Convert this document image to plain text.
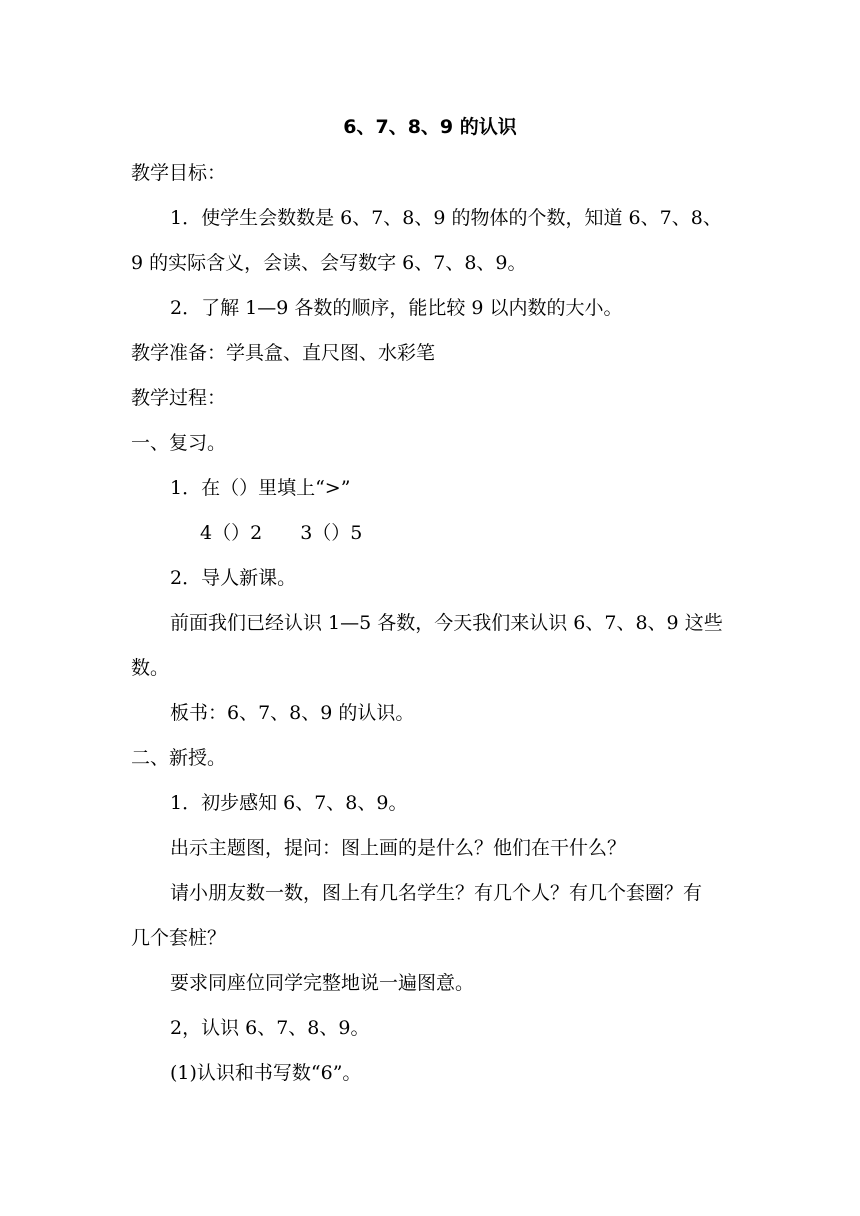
6、7、8、9 的认识
教学目标：
1．使学生会数数是 6、7、8、9 的物体的个数，知道 6、7、8、
9 的实际含义，会读、会写数字 6、7、8、9。
2．了解 1—9 各数的顺序，能比较 9 以内数的大小。
教学准备：学具盒、直尺图、水彩笔
教学过程：
一、复习。
1．在（）里填上“>”
4（）2 3（）5
2．导人新课。
前面我们已经认识 1—5 各数，今天我们来认识 6、7、8、9 这些
数。
板书：6、7、8、9 的认识。
二、新授。
1．初步感知 6、7、8、9。
出示主题图，提问：图上画的是什么？他们在干什么？
请小朋友数一数，图上有几名学生？有几个人？有几个套圈？有
几个套桩？
要求同座位同学完整地说一遍图意。
2，认识 6、7、8、9。
(1)认识和书写数“6”。
